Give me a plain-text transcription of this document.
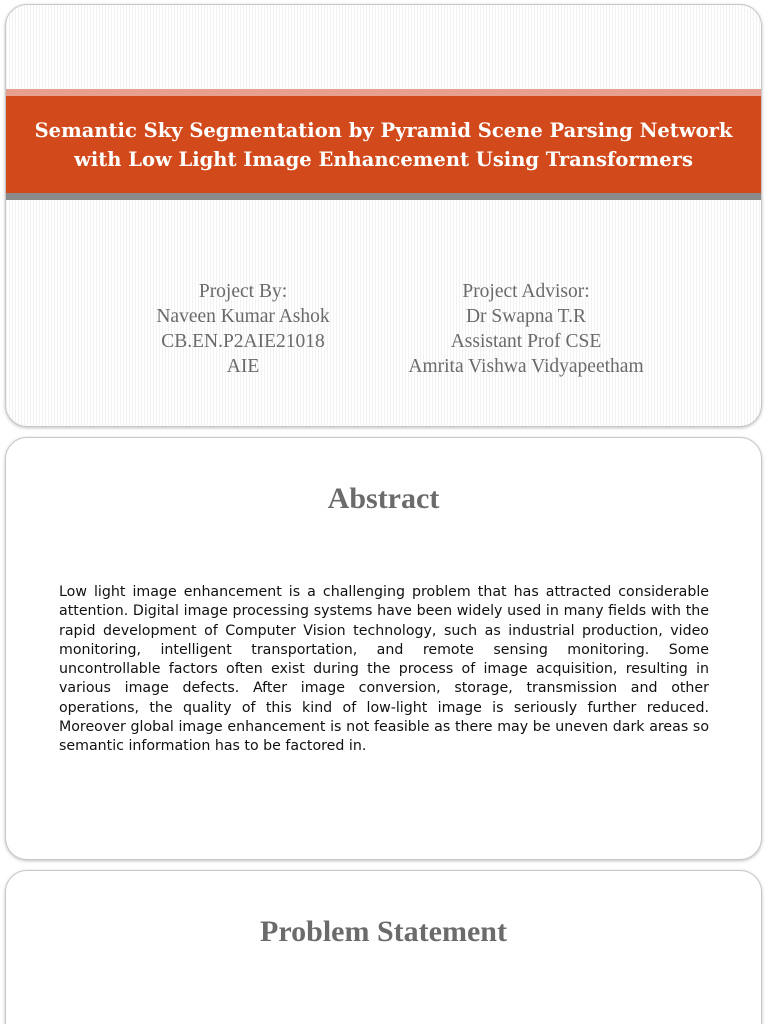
Semantic Sky Segmentation by Pyramid Scene Parsing Network
with Low Light Image Enhancement Using Transformers
Project By:
Naveen Kumar Ashok
CB.EN.P2AIE21018
AIE
Project Advisor:
Dr Swapna T.R
Assistant Prof CSE
Amrita Vishwa Vidyapeetham
Abstract

Low light image enhancement is a challenging problem that has attracted considerable attention. Digital image processing systems have been widely used in many fields with the rapid development of Computer Vision technology, such as industrial production, video monitoring, intelligent transportation, and remote sensing monitoring. Some uncontrollable factors often exist during the process of image acquisition, resulting in various image defects. After image conversion, storage, transmission and other operations, the quality of this kind of low-light image is seriously further reduced. Moreover global image enhancement is not feasible as there may be uneven dark areas so semantic information has to be factored in.

Problem Statement
